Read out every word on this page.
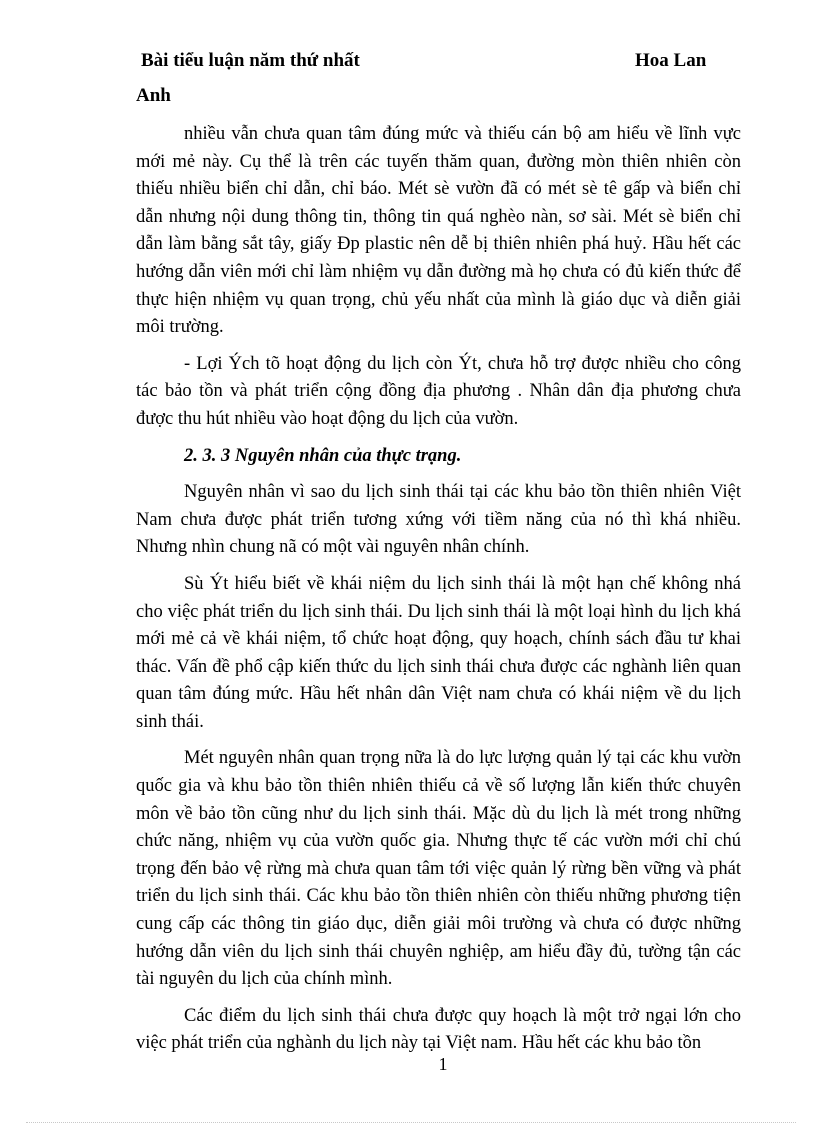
Bài tiểu luận năm thứ nhất	Hoa Lan
Anh

nhiều vẫn chưa quan tâm đúng mức và thiếu cán bộ am hiểu về lĩnh vực mới mẻ này. Cụ thể là trên các tuyến thăm quan, đường mòn thiên nhiên còn thiếu nhiều biển chỉ dẫn, chỉ báo. Mét sè vườn đã có mét sè tê gấp và biển chỉ dẫn nhưng nội dung thông tin, thông tin quá nghèo nàn, sơ sài. Mét sè biển chỉ dẫn làm bằng sắt tây, giấy Ðp plastic nên dễ bị thiên nhiên phá huỷ. Hầu hết các hướng dẫn viên mới chỉ làm nhiệm vụ dẫn đường mà họ chưa có đủ kiến thức để thực hiện nhiệm vụ quan trọng, chủ yếu nhất của mình là giáo dục và diễn giải môi trường.

- Lợi Ých tõ hoạt động du lịch còn Ýt, chưa hỗ trợ được nhiều cho công tác bảo tồn và phát triển cộng đồng địa phương . Nhân dân địa phương chưa được thu hút nhiều vào hoạt động du lịch của vườn.

2. 3. 3 Nguyên nhân của thực trạng.

Nguyên nhân vì sao du lịch sinh thái tại các khu bảo tồn thiên nhiên Việt Nam chưa được phát triển tương xứng với tiềm năng của nó thì khá nhiều. Nhưng nhìn chung nã có một vài nguyên nhân chính.

Sù Ýt hiểu biết về khái niệm du lịch sinh thái là một hạn chế không nhá cho việc phát triển du lịch sinh thái. Du lịch sinh thái là một loại hình du lịch khá mới mẻ cả về khái niệm, tổ chức hoạt động, quy hoạch, chính sách đầu tư khai thác. Vấn đề phổ cập kiến thức du lịch sinh thái chưa được các nghành liên quan quan tâm đúng mức. Hầu hết nhân dân Việt nam chưa có khái niệm về du lịch sinh thái.

Mét nguyên nhân quan trọng nữa là do lực lượng quản lý tại các khu vườn quốc gia và khu bảo tồn thiên nhiên thiếu cả về số lượng lẫn kiến thức chuyên môn về bảo tồn cũng như du lịch sinh thái. Mặc dù du lịch là mét trong những chức năng, nhiệm vụ của vườn quốc gia. Nhưng thực tế các vườn mới chỉ chú trọng đến bảo vệ rừng mà chưa quan tâm tới việc quản lý rừng bền vững và phát triển du lịch sinh thái. Các khu bảo tồn thiên nhiên còn thiếu những phương tiện cung cấp các thông tin giáo dục, diễn giải môi trường và chưa có được những hướng dẫn viên du lịch sinh thái chuyên nghiệp, am hiểu đầy đủ, tường tận các tài nguyên du lịch của chính mình.

Các điểm du lịch sinh thái chưa được quy hoạch là một trở ngại lớn cho việc phát triển của nghành du lịch này tại Việt nam. Hầu hết các khu bảo tồn

1
